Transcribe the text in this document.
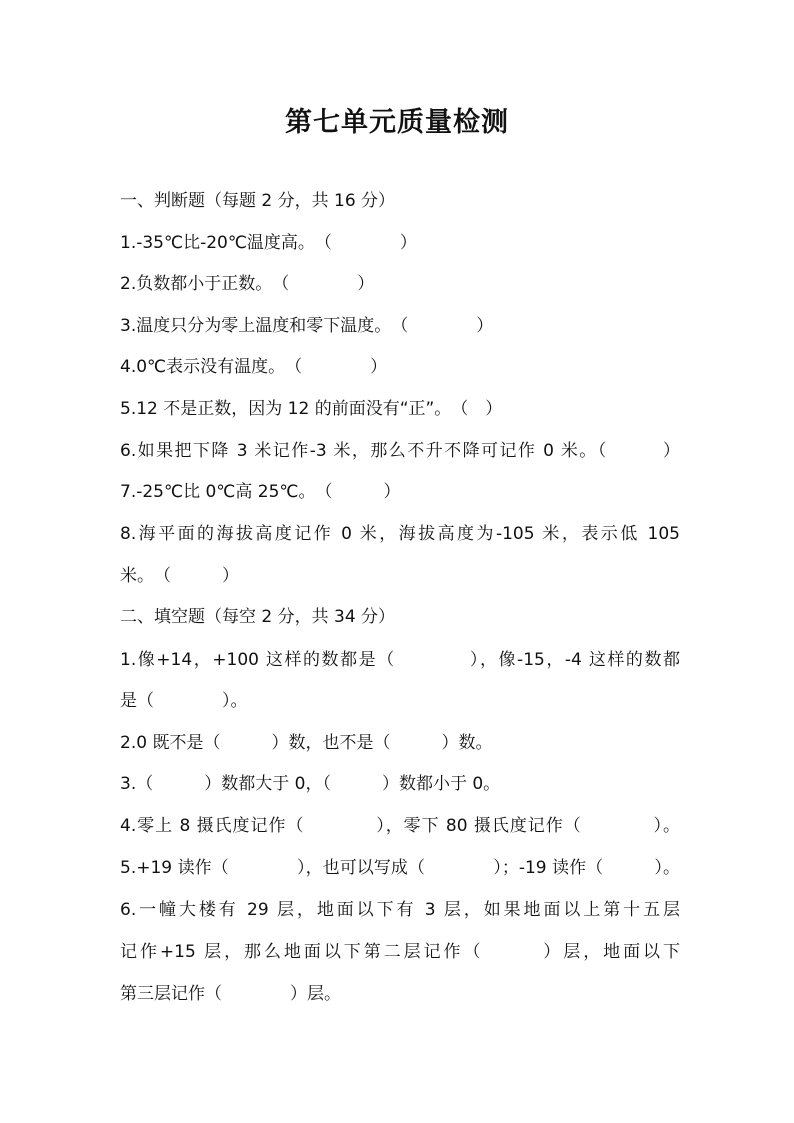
第七单元质量检测
一、判断题（每题 2 分，共 16 分）
1.-35℃比-20℃温度高。　（　　　　）
2.负数都小于正数。　（　　　　）
3.温度只分为零上温度和零下温度。　（　　　　）
4.0℃表示没有温度。　（　　　　）
5.12 不是正数，因为 12 的前面没有“正”。　（　）
6.如果把下降 3 米记作-3 米，那么不升不降可记作 0 米。（　　　）
7.-25℃比 0℃高 25℃。　（　　　）
8.海平面的海拔高度记作 0 米，海拔高度为-105 米，表示低 105
米。　（　　　）
二、填空题（每空 2 分，共 34 分）
1.像+14，+100 这样的数都是（　　　　），像-15，-4 这样的数都
是（　　　　）。
2.0 既不是（　　　）数，也不是（　　　）数。
3.（　　　）数都大于 0，（　　　）数都小于 0。
4.零上 8 摄氏度记作（　　　　），零下 80 摄氏度记作（　　　　）。
5.+19 读作（　　　　），也可以写成（　　　　）；-19 读作（　　　）。
6.一幢大楼有 29 层，地面以下有 3 层，如果地面以上第十五层
记作+15 层，那么地面以下第二层记作（　　　）层，地面以下
第三层记作（　　　　）层。
